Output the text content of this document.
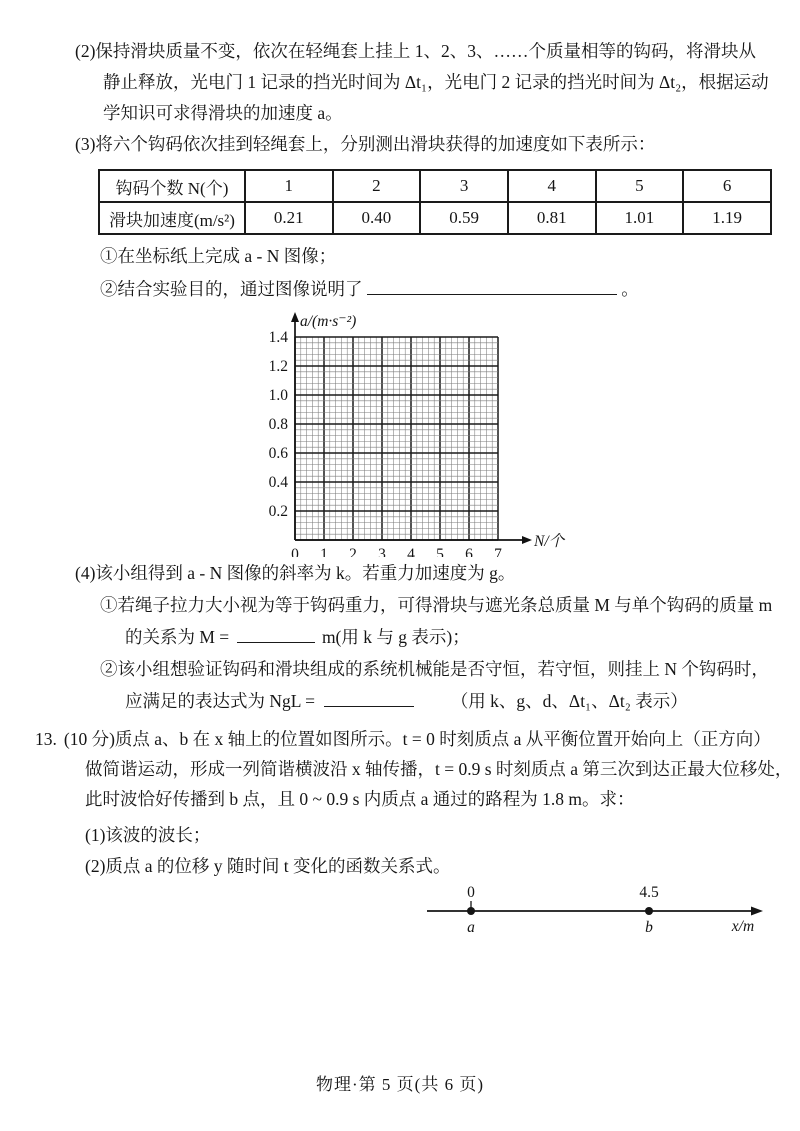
(2)保持滑块质量不变，依次在轻绳套上挂上 1、2、3、……个质量相等的钩码，将滑块从
静止释放，光电门 1 记录的挡光时间为 Δt₁，光电门 2 记录的挡光时间为 Δt₂，根据运动
学知识可求得滑块的加速度 a。
(3)将六个钩码依次挂到轻绳套上，分别测出滑块获得的加速度如下表所示：
钩码个数 N(个)	1	2	3	4	5	6
滑块加速度(m/s²)	0.21	0.40	0.59	0.81	1.01	1.19
①在坐标纸上完成 a - N 图像；
②结合实验目的，通过图像说明了	。
0.2
0.4
0.6
0.8
1.0
1.2
1.4
0 1 2 3 4 5 6 7
a/(m·s⁻²)
N/个
(4)该小组得到 a - N 图像的斜率为 k。若重力加速度为 g。
①若绳子拉力大小视为等于钩码重力，可得滑块与遮光条总质量 M 与单个钩码的质量 m
的关系为 M =	m(用 k 与 g 表示)；
②该小组想验证钩码和滑块组成的系统机械能是否守恒，若守恒，则挂上 N 个钩码时，
应满足的表达式为 NgL =	（用 k、g、d、Δt₁、Δt₂ 表示）
13. (10 分)质点 a、b 在 x 轴上的位置如图所示。t = 0 时刻质点 a 从平衡位置开始向上（正方向）
做简谐运动，形成一列简谐横波沿 x 轴传播，t = 0.9 s 时刻质点 a 第三次到达正最大位移处，
此时波恰好传播到 b 点，且 0 ~ 0.9 s 内质点 a 通过的路程为 1.8 m。求：
(1)该波的波长；
(2)质点 a 的位移 y 随时间 t 变化的函数关系式。
0	4.5
a	b	x/m
物理·第 5 页(共 6 页)
